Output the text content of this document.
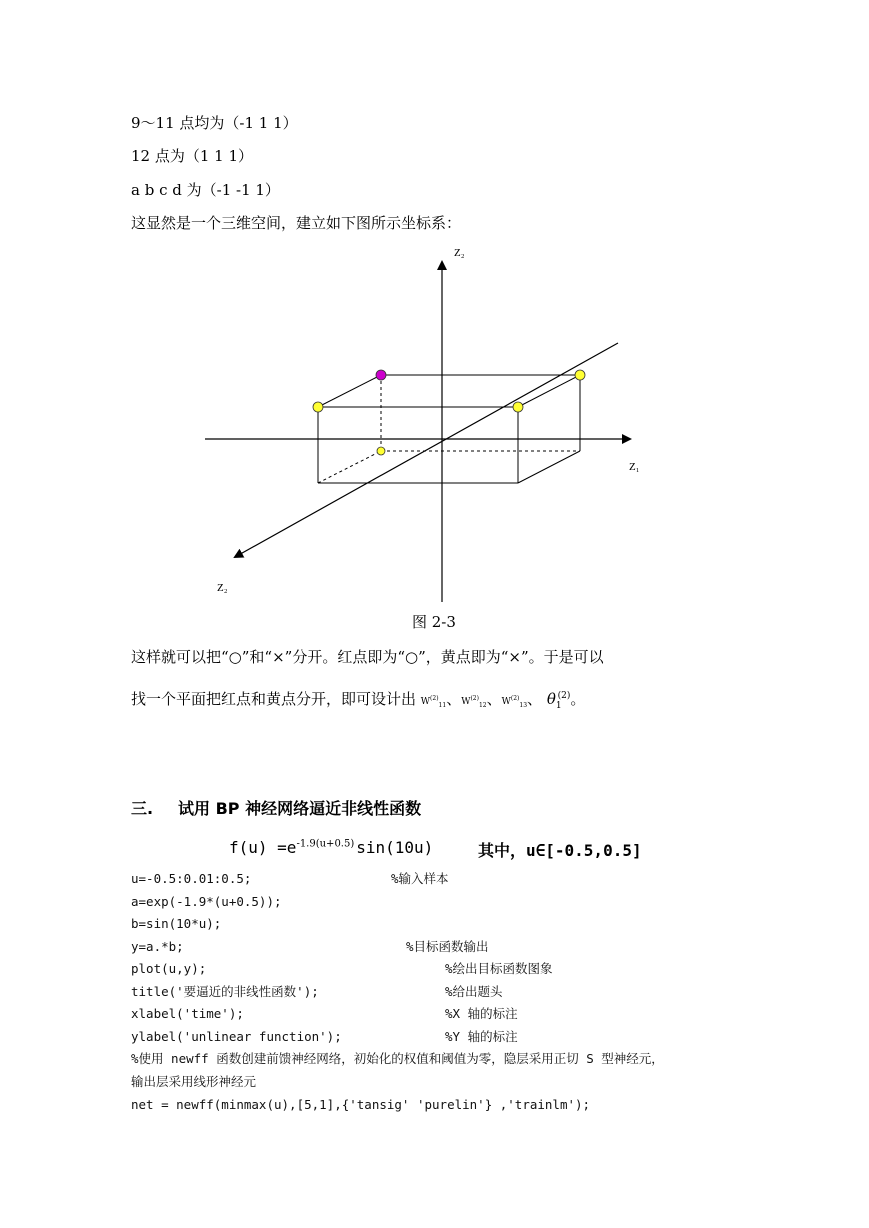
9～11 点均为（-1 1 1）
12 点为（1 1 1）
a b c d 为（-1 -1 1）
这显然是一个三维空间，建立如下图所示坐标系：
Z₂
Z₁
Z₂
图 2-3
这样就可以把“○”和“×”分开。红点即为“○”，黄点即为“×”。于是可以
找一个平面把红点和黄点分开，即可设计出 $W^{(2)}_{11}$、$W^{(2)}_{12}$、$W^{(2)}_{13}$、 $\theta_1^{(2)}$。
三. 试用 BP 神经网络逼近非线性函数
$f(u) =e^{-1.9(u+0.5)}$ sin(10u)	其中，u∈[-0.5,0.5]
u=-0.5:0.01:0.5;	%输入样本
a=exp(-1.9*(u+0.5));
b=sin(10*u);
y=a.*b;	%目标函数输出
plot(u,y);	%绘出目标函数图象
title('要逼近的非线性函数');	%给出题头
xlabel('time');	%X 轴的标注
ylabel('unlinear function');	%Y 轴的标注
%使用 newff 函数创建前馈神经网络，初始化的权值和阈值为零，隐层采用正切 S 型神经元，
输出层采用线形神经元
net = newff(minmax(u),[5,1],{'tansig' 'purelin'} ,'trainlm');
